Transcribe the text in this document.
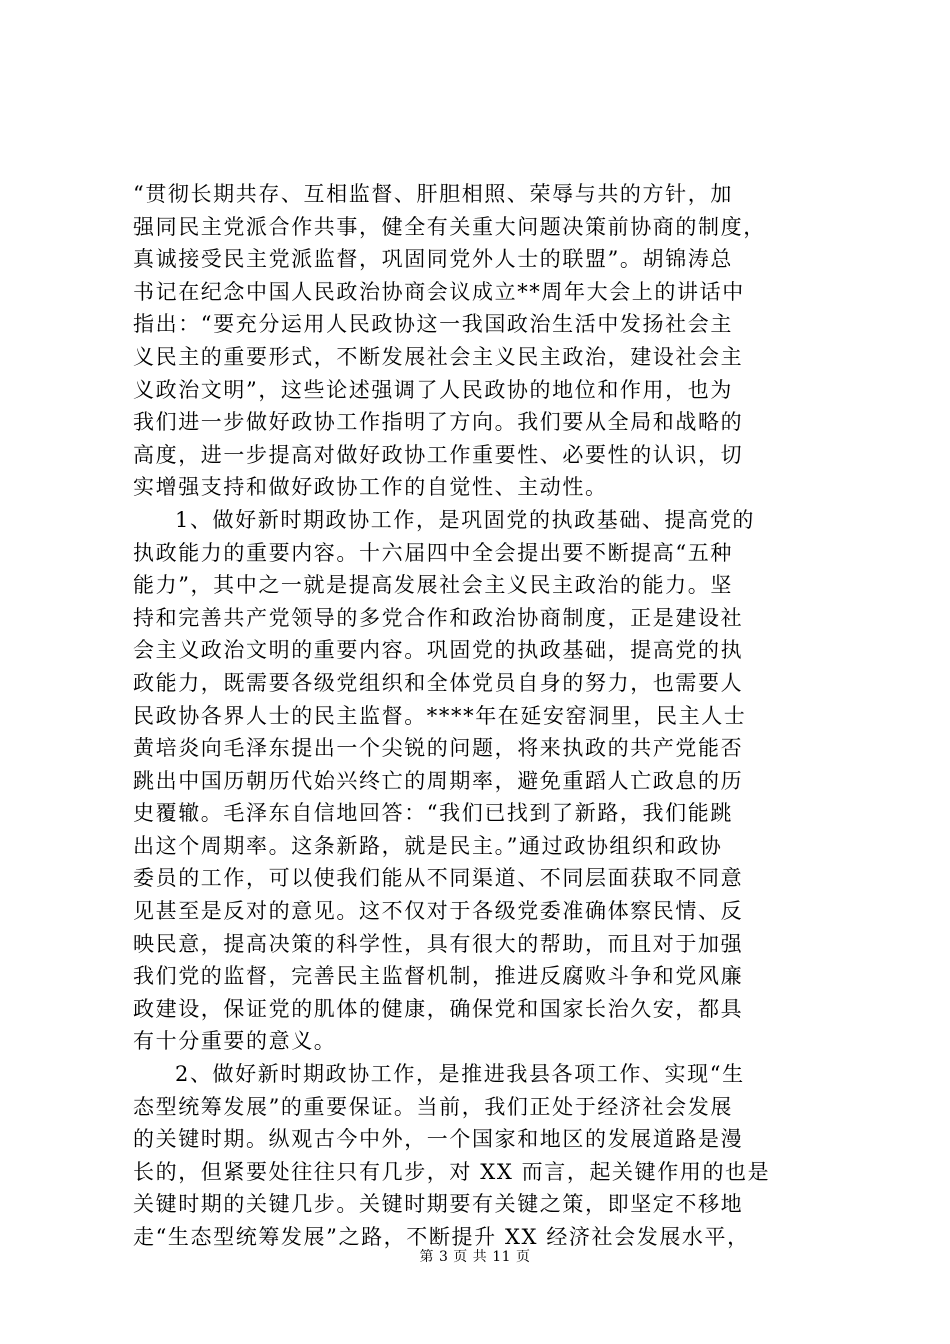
“贯彻长期共存、互相监督、肝胆相照、荣辱与共的方针，加
强同民主党派合作共事，健全有关重大问题决策前协商的制度，
真诚接受民主党派监督，巩固同党外人士的联盟”。胡锦涛总
书记在纪念中国人民政治协商会议成立**周年大会上的讲话中
指出：“要充分运用人民政协这一我国政治生活中发扬社会主
义民主的重要形式，不断发展社会主义民主政治，建设社会主
义政治文明”，这些论述强调了人民政协的地位和作用，也为
我们进一步做好政协工作指明了方向。我们要从全局和战略的
高度，进一步提高对做好政协工作重要性、必要性的认识，切
实增强支持和做好政协工作的自觉性、主动性。
1、做好新时期政协工作，是巩固党的执政基础、提高党的
执政能力的重要内容。十六届四中全会提出要不断提高“五种
能力”，其中之一就是提高发展社会主义民主政治的能力。坚
持和完善共产党领导的多党合作和政治协商制度，正是建设社
会主义政治文明的重要内容。巩固党的执政基础，提高党的执
政能力，既需要各级党组织和全体党员自身的努力，也需要人
民政协各界人士的民主监督。****年在延安窑洞里，民主人士
黄培炎向毛泽东提出一个尖锐的问题，将来执政的共产党能否
跳出中国历朝历代始兴终亡的周期率，避免重蹈人亡政息的历
史覆辙。毛泽东自信地回答：“我们已找到了新路，我们能跳
出这个周期率。这条新路，就是民主。”通过政协组织和政协
委员的工作，可以使我们能从不同渠道、不同层面获取不同意
见甚至是反对的意见。这不仅对于各级党委准确体察民情、反
映民意，提高决策的科学性，具有很大的帮助，而且对于加强
我们党的监督，完善民主监督机制，推进反腐败斗争和党风廉
政建设，保证党的肌体的健康，确保党和国家长治久安，都具
有十分重要的意义。
2、做好新时期政协工作，是推进我县各项工作、实现“生
态型统筹发展”的重要保证。当前，我们正处于经济社会发展
的关键时期。纵观古今中外，一个国家和地区的发展道路是漫
长的，但紧要处往往只有几步，对 XX 而言，起关键作用的也是
关键时期的关键几步。关键时期要有关键之策，即坚定不移地
走“生态型统筹发展”之路，不断提升 XX 经济社会发展水平，
第 3 页 共 11 页
